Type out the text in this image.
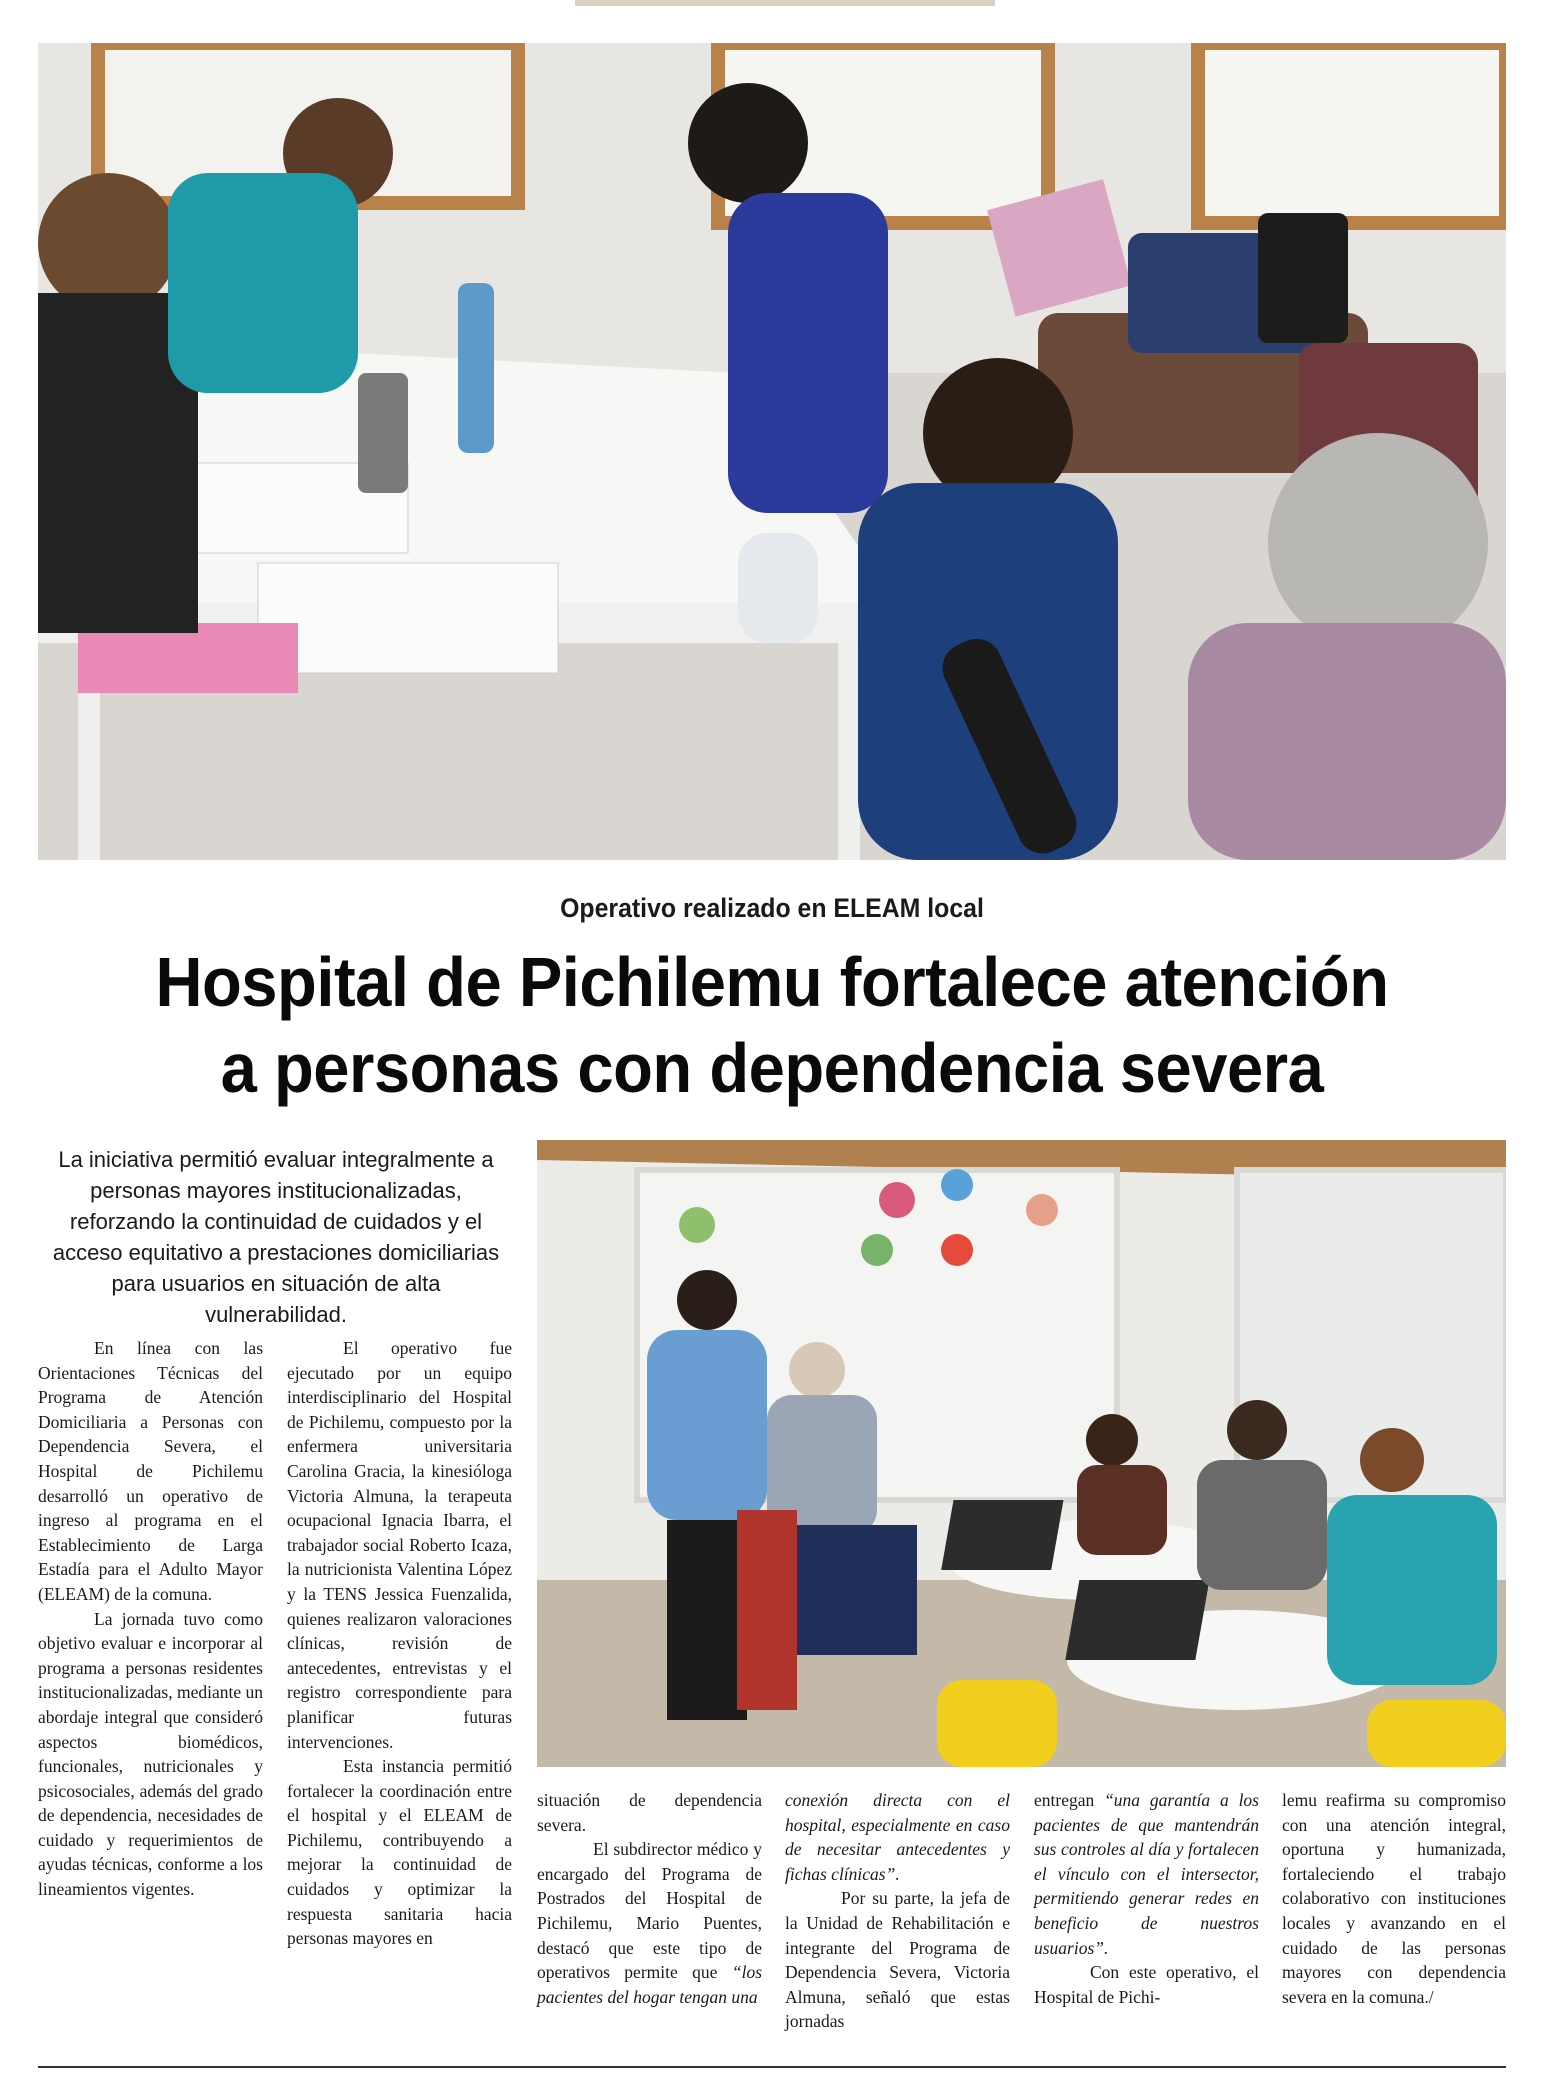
Operativo realizado en ELEAM local
Hospital de Pichilemu fortalece atención
a personas con dependencia severa
La iniciativa permitió evaluar integralmente a personas mayores institucionalizadas, reforzando la continuidad de cuidados y el acceso equitativo a prestaciones domiciliarias para usuarios en situación de alta vulnerabilidad.

En línea con las Orientaciones Técnicas del Programa de Atención Domiciliaria a Personas con Dependencia Severa, el Hospital de Pichilemu desarrolló un operativo de ingreso al programa en el Establecimiento de Larga Estadía para el Adulto Mayor (ELEAM) de la comuna.

La jornada tuvo como objetivo evaluar e incorporar al programa a personas residentes institucionalizadas, mediante un abordaje integral que consideró aspectos biomédicos, funcionales, nutricionales y psicosociales, además del grado de dependencia, necesidades de cuidado y requerimientos de ayudas técnicas, conforme a los lineamientos vigentes.

El operativo fue ejecutado por un equipo interdisciplinario del Hospital de Pichilemu, compuesto por la enfermera universitaria Carolina Gracia, la kinesióloga Victoria Almuna, la terapeuta ocupacional Ignacia Ibarra, el trabajador social Roberto Icaza, la nutricionista Valentina López y la TENS Jessica Fuenzalida, quienes realizaron valoraciones clínicas, revisión de antecedentes, entrevistas y el registro correspondiente para planificar futuras intervenciones.

Esta instancia permitió fortalecer la coordinación entre el hospital y el ELEAM de Pichilemu, contribuyendo a mejorar la continuidad de cuidados y optimizar la respuesta sanitaria hacia personas mayores en

situación de dependencia severa.

El subdirector médico y encargado del Programa de Postrados del Hospital de Pichilemu, Mario Puentes, destacó que este tipo de operativos permite que “los pacientes del hogar tengan una

conexión directa con el hospital, especialmente en caso de necesitar antecedentes y fichas clínicas”.

Por su parte, la jefa de la Unidad de Rehabilitación e integrante del Programa de Dependencia Severa, Victoria Almuna, señaló que estas jornadas

entregan “una garantía a los pacientes de que mantendrán sus controles al día y fortalecen el vínculo con el intersector, permitiendo generar redes en beneficio de nuestros usuarios”.

Con este operativo, el Hospital de Pichi-

lemu reafirma su compromiso con una atención integral, oportuna y humanizada, fortaleciendo el trabajo colaborativo con instituciones locales y avanzando en el cuidado de las personas mayores con dependencia severa en la comuna./
